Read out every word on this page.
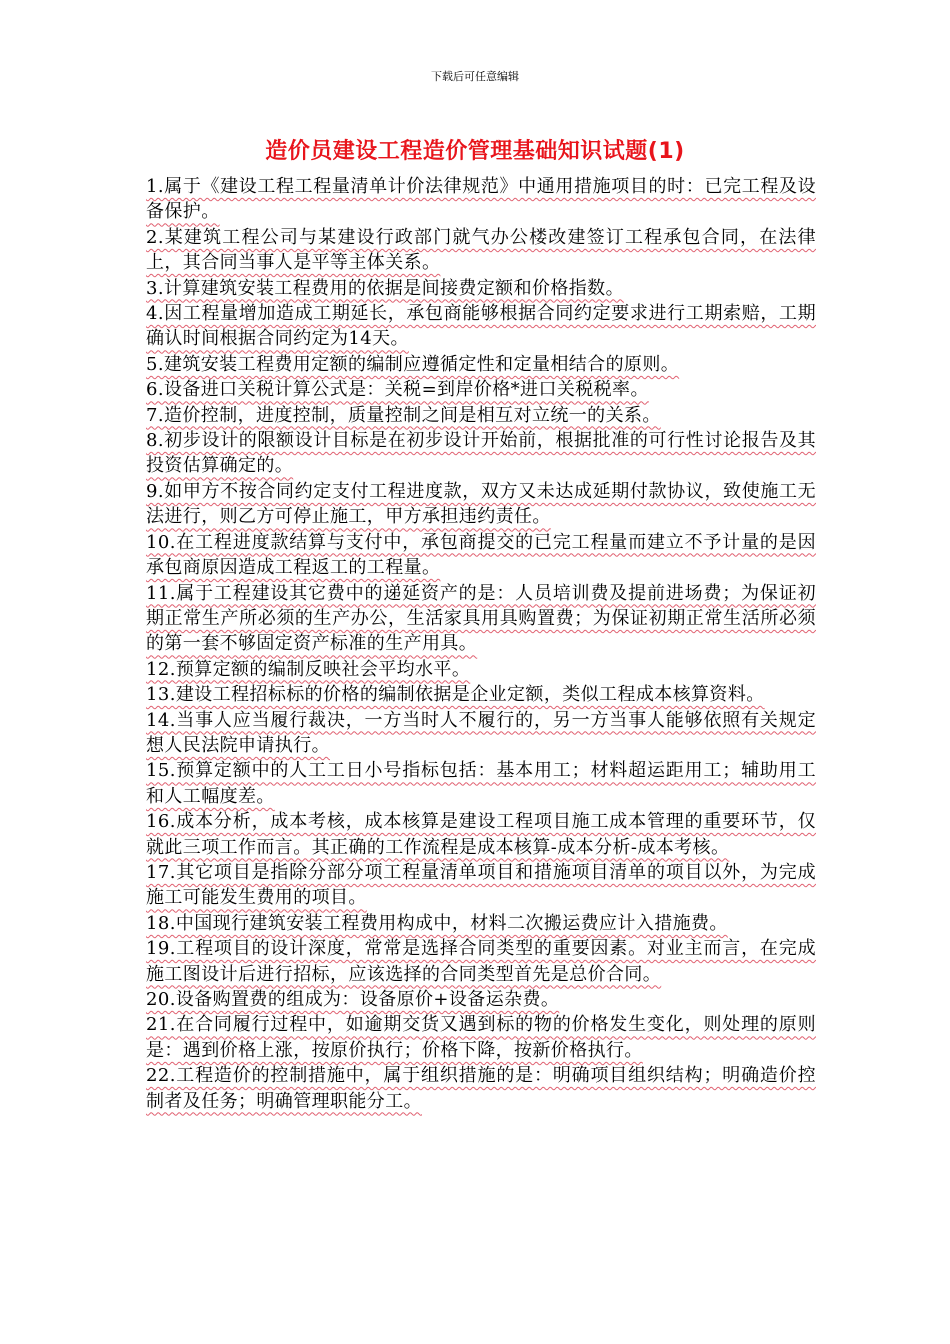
下载后可任意编辑
造价员建设工程造价管理基础知识试题(1)
1.属于《建设工程工程量清单计价法律规范》中通用措施项目的时：已完工程及设备保护。
2.某建筑工程公司与某建设行政部门就气办公楼改建签订工程承包合同，在法律上，其合同当事人是平等主体关系。
3.计算建筑安装工程费用的依据是间接费定额和价格指数。
4.因工程量增加造成工期延长，承包商能够根据合同约定要求进行工期索赔，工期确认时间根据合同约定为14天。
5.建筑安装工程费用定额的编制应遵循定性和定量相结合的原则。
6.设备进口关税计算公式是：关税=到岸价格*进口关税税率。
7.造价控制，进度控制，质量控制之间是相互对立统一的关系。
8.初步设计的限额设计目标是在初步设计开始前，根据批准的可行性讨论报告及其投资估算确定的。
9.如甲方不按合同约定支付工程进度款，双方又未达成延期付款协议，致使施工无法进行，则乙方可停止施工，甲方承担违约责任。
10.在工程进度款结算与支付中，承包商提交的已完工程量而建立不予计量的是因承包商原因造成工程返工的工程量。
11.属于工程建设其它费中的递延资产的是：人员培训费及提前进场费；为保证初期正常生产所必须的生产办公，生活家具用具购置费；为保证初期正常生活所必须的第一套不够固定资产标准的生产用具。
12.预算定额的编制反映社会平均水平。
13.建设工程招标标的价格的编制依据是企业定额，类似工程成本核算资料。
14.当事人应当履行裁决，一方当时人不履行的，另一方当事人能够依照有关规定想人民法院申请执行。
15.预算定额中的人工工日小号指标包括：基本用工；材料超运距用工；辅助用工和人工幅度差。
16.成本分析，成本考核，成本核算是建设工程项目施工成本管理的重要环节，仅就此三项工作而言。其正确的工作流程是成本核算-成本分析-成本考核。
17.其它项目是指除分部分项工程量清单项目和措施项目清单的项目以外，为完成施工可能发生费用的项目。
18.中国现行建筑安装工程费用构成中，材料二次搬运费应计入措施费。
19.工程项目的设计深度，常常是选择合同类型的重要因素。对业主而言，在完成施工图设计后进行招标，应该选择的合同类型首先是总价合同。
20.设备购置费的组成为：设备原价+设备运杂费。
21.在合同履行过程中，如逾期交货又遇到标的物的价格发生变化，则处理的原则是：遇到价格上涨，按原价执行；价格下降，按新价格执行。
22.工程造价的控制措施中，属于组织措施的是：明确项目组织结构；明确造价控制者及任务；明确管理职能分工。
